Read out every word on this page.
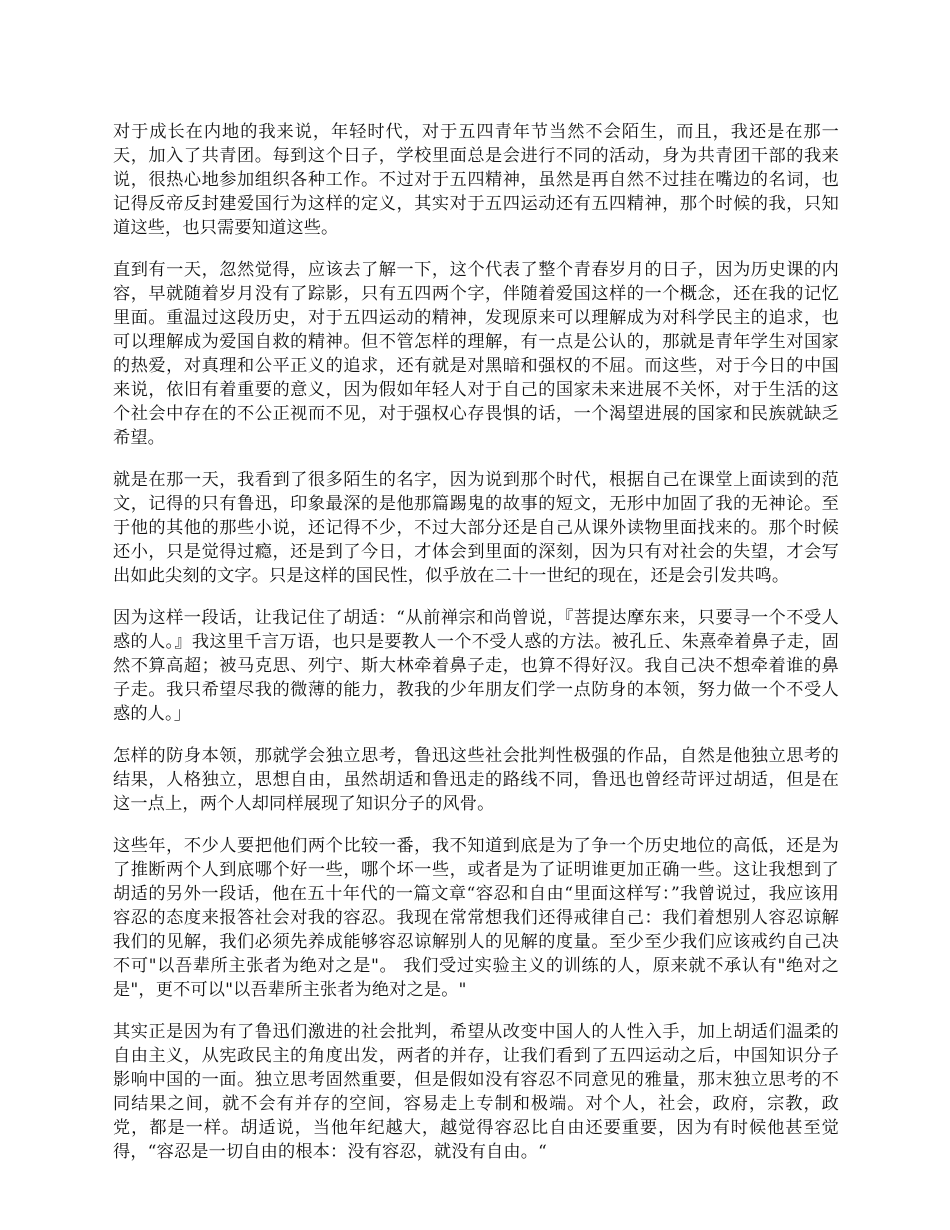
对于成长在内地的我来说，年轻时代，对于五四青年节当然不会陌生，而且，我还是在那一天，加入了共青团。每到这个日子，学校里面总是会进行不同的活动，身为共青团干部的我来说，很热心地参加组织各种工作。不过对于五四精神，虽然是再自然不过挂在嘴边的名词，也记得反帝反封建爱国行为这样的定义，其实对于五四运动还有五四精神，那个时候的我，只知道这些，也只需要知道这些。

直到有一天，忽然觉得，应该去了解一下，这个代表了整个青春岁月的日子，因为历史课的内容，早就随着岁月没有了踪影，只有五四两个字，伴随着爱国这样的一个概念，还在我的记忆里面。重温过这段历史，对于五四运动的精神，发现原来可以理解成为对科学民主的追求，也可以理解成为爱国自救的精神。但不管怎样的理解，有一点是公认的，那就是青年学生对国家的热爱，对真理和公平正义的追求，还有就是对黑暗和强权的不屈。而这些，对于今日的中国来说，依旧有着重要的意义，因为假如年轻人对于自己的国家未来进展不关怀，对于生活的这个社会中存在的不公正视而不见，对于强权心存畏惧的话，一个渴望进展的国家和民族就缺乏希望。

就是在那一天，我看到了很多陌生的名字，因为说到那个时代，根据自己在课堂上面读到的范文，记得的只有鲁迅，印象最深的是他那篇踢鬼的故事的短文，无形中加固了我的无神论。至于他的其他的那些小说，还记得不少，不过大部分还是自己从课外读物里面找来的。那个时候还小，只是觉得过瘾，还是到了今日，才体会到里面的深刻，因为只有对社会的失望，才会写出如此尖刻的文字。只是这样的国民性，似乎放在二十一世纪的现在，还是会引发共鸣。

因为这样一段话，让我记住了胡适：“从前禅宗和尚曾说，『菩提达摩东来，只要寻一个不受人惑的人。』我这里千言万语，也只是要教人一个不受人惑的方法。被孔丘、朱熹牵着鼻子走，固然不算高超；被马克思、列宁、斯大林牵着鼻子走，也算不得好汉。我自己决不想牵着谁的鼻子走。我只希望尽我的微薄的能力，教我的少年朋友们学一点防身的本领，努力做一个不受人惑的人。」

怎样的防身本领，那就学会独立思考，鲁迅这些社会批判性极强的作品，自然是他独立思考的结果，人格独立，思想自由，虽然胡适和鲁迅走的路线不同，鲁迅也曾经苛评过胡适，但是在这一点上，两个人却同样展现了知识分子的风骨。

这些年，不少人要把他们两个比较一番，我不知道到底是为了争一个历史地位的高低，还是为了推断两个人到底哪个好一些，哪个坏一些，或者是为了证明谁更加正确一些。这让我想到了胡适的另外一段话，他在五十年代的一篇文章“容忍和自由“里面这样写：”我曾说过，我应该用容忍的态度来报答社会对我的容忍。我现在常常想我们还得戒律自己：我们着想别人容忍谅解我们的见解，我们必须先养成能够容忍谅解别人的见解的度量。至少至少我们应该戒约自己决不可"以吾辈所主张者为绝对之是"。 我们受过实验主义的训练的人，原来就不承认有"绝对之是"，更不可以"以吾辈所主张者为绝对之是。"

其实正是因为有了鲁迅们激进的社会批判，希望从改变中国人的人性入手，加上胡适们温柔的自由主义，从宪政民主的角度出发，两者的并存，让我们看到了五四运动之后，中国知识分子影响中国的一面。独立思考固然重要，但是假如没有容忍不同意见的雅量，那末独立思考的不同结果之间，就不会有并存的空间，容易走上专制和极端。对个人，社会，政府，宗教，政党，都是一样。胡适说，当他年纪越大，越觉得容忍比自由还要重要，因为有时候他甚至觉得，“容忍是一切自由的根本：没有容忍，就没有自由。“
